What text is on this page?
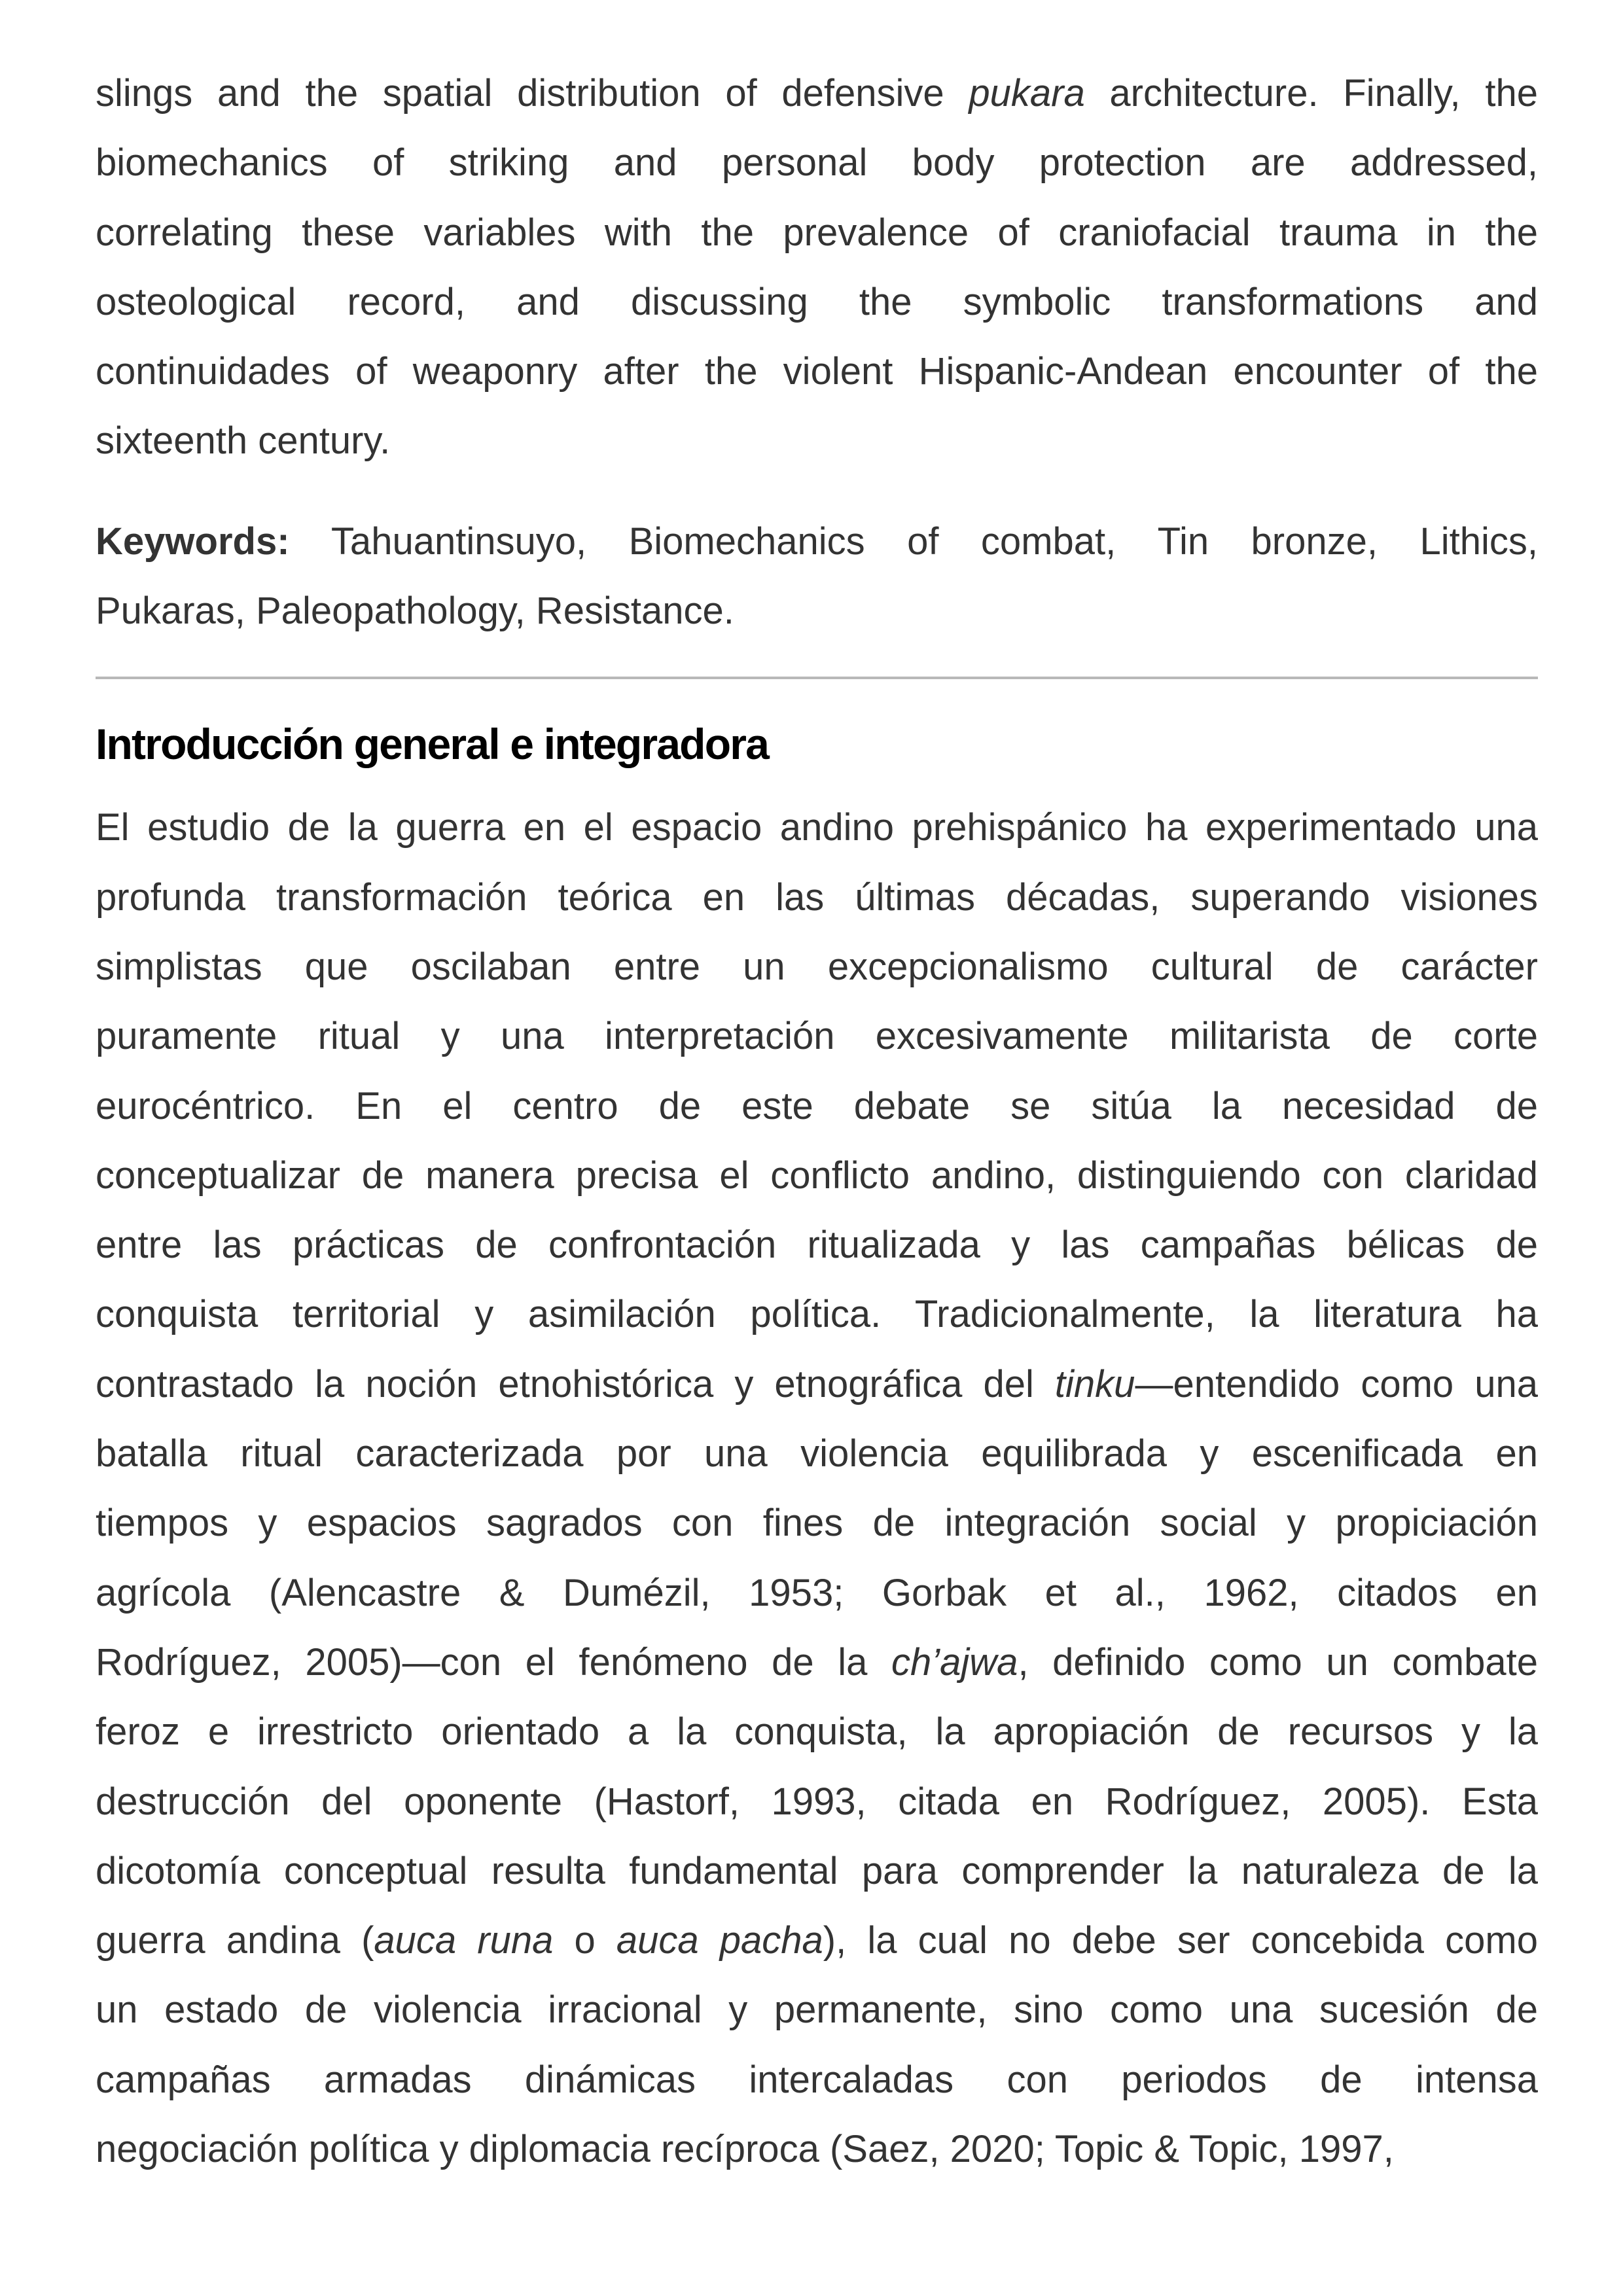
slings and the spatial distribution of defensive pukara architecture. Finally, the
biomechanics of striking and personal body protection are addressed,
correlating these variables with the prevalence of craniofacial trauma in the
osteological record, and discussing the symbolic transformations and
continuidades of weaponry after the violent Hispanic-Andean encounter of the
sixteenth century.

Keywords: Tahuantinsuyo, Biomechanics of combat, Tin bronze, Lithics,
Pukaras, Paleopathology, Resistance.

Introducción general e integradora

El estudio de la guerra en el espacio andino prehispánico ha experimentado una
profunda transformación teórica en las últimas décadas, superando visiones
simplistas que oscilaban entre un excepcionalismo cultural de carácter
puramente ritual y una interpretación excesivamente militarista de corte
eurocéntrico. En el centro de este debate se sitúa la necesidad de
conceptualizar de manera precisa el conflicto andino, distinguiendo con claridad
entre las prácticas de confrontación ritualizada y las campañas bélicas de
conquista territorial y asimilación política. Tradicionalmente, la literatura ha
contrastado la noción etnohistórica y etnográfica del tinku—entendido como una
batalla ritual caracterizada por una violencia equilibrada y escenificada en
tiempos y espacios sagrados con fines de integración social y propiciación
agrícola (Alencastre & Dumézil, 1953; Gorbak et al., 1962, citados en
Rodríguez, 2005)—con el fenómeno de la ch’ajwa, definido como un combate
feroz e irrestricto orientado a la conquista, la apropiación de recursos y la
destrucción del oponente (Hastorf, 1993, citada en Rodríguez, 2005). Esta
dicotomía conceptual resulta fundamental para comprender la naturaleza de la
guerra andina (auca runa o auca pacha), la cual no debe ser concebida como
un estado de violencia irracional y permanente, sino como una sucesión de
campañas armadas dinámicas intercaladas con periodos de intensa
negociación política y diplomacia recíproca (Saez, 2020; Topic & Topic, 1997,
